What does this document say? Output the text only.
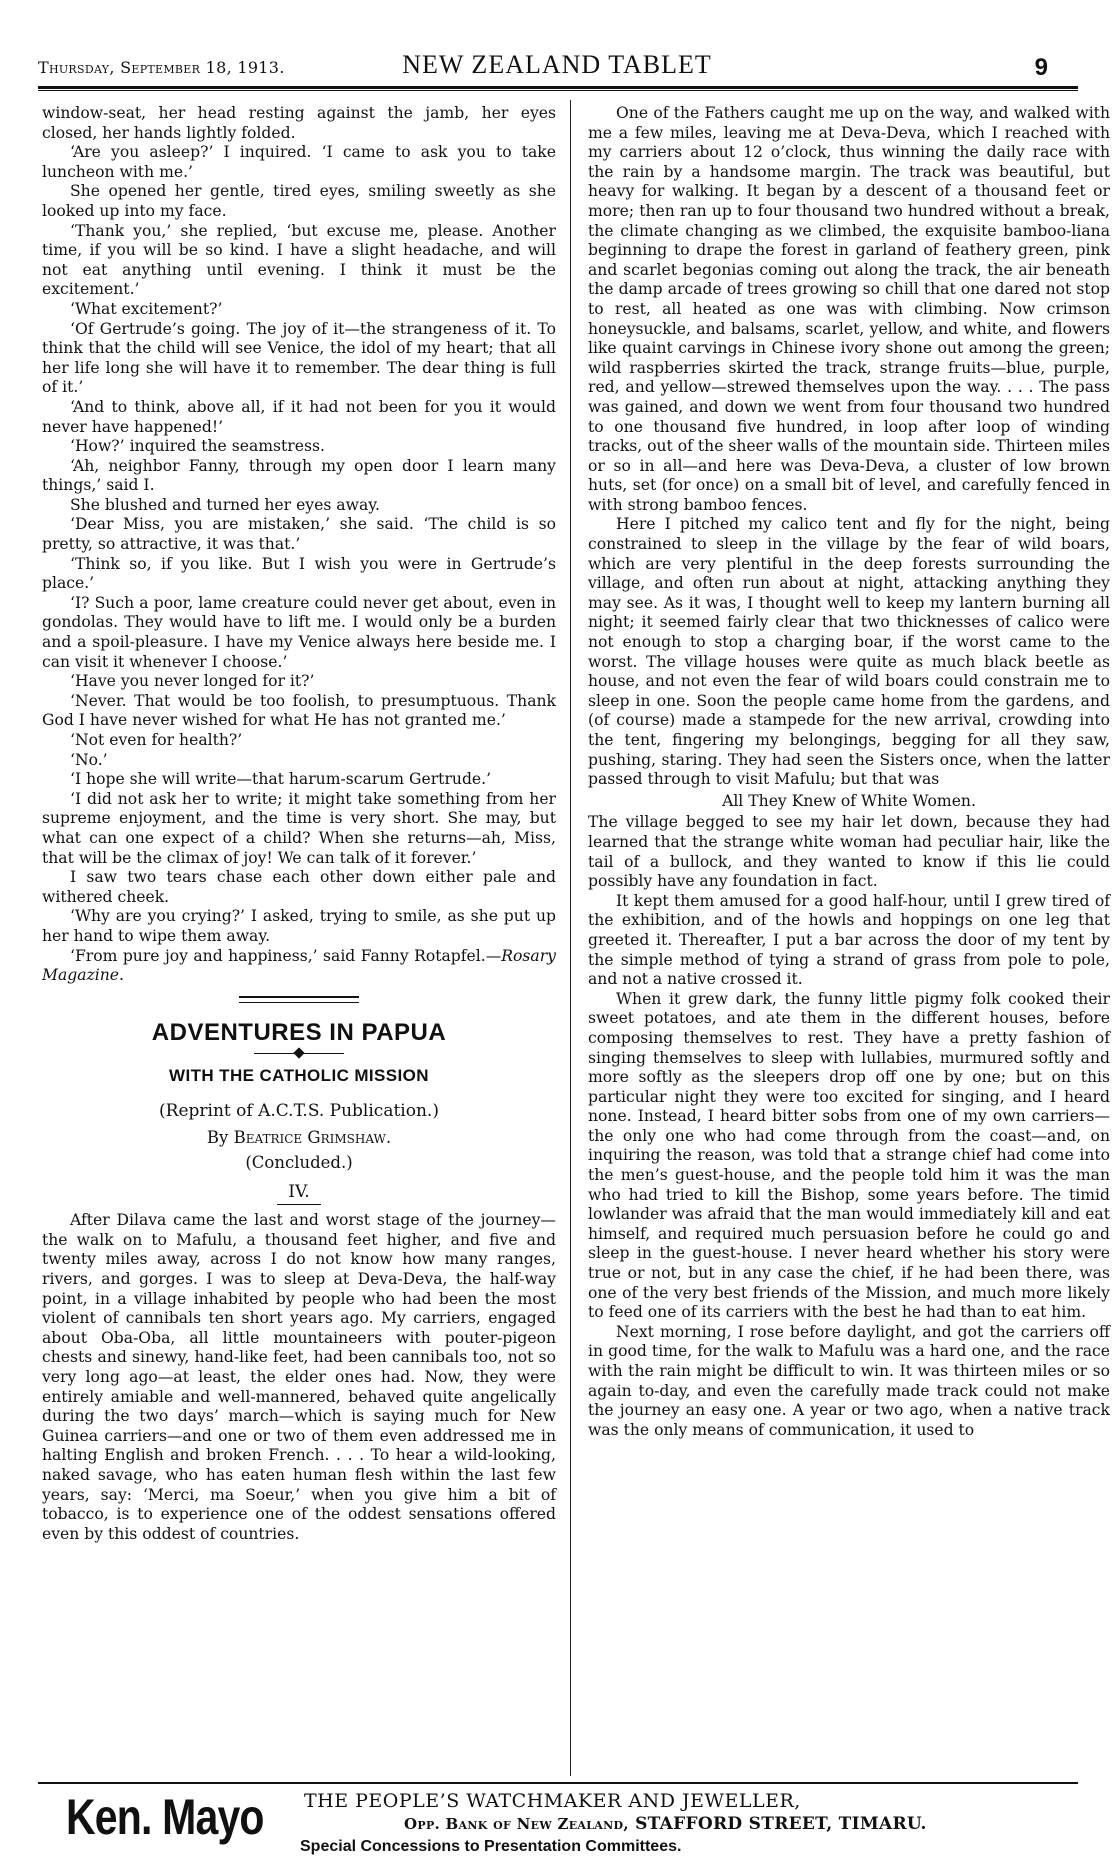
Thursday, September 18, 1913.	NEW ZEALAND TABLET	9

window-seat, her head resting against the jamb, her eyes closed, her hands lightly folded.

‘Are you asleep?’ I inquired. ‘I came to ask you to take luncheon with me.’

She opened her gentle, tired eyes, smiling sweetly as she looked up into my face.

‘Thank you,’ she replied, ‘but excuse me, please. Another time, if you will be so kind. I have a slight headache, and will not eat anything until evening. I think it must be the excitement.’

‘What excitement?’

‘Of Gertrude’s going. The joy of it—the strangeness of it. To think that the child will see Venice, the idol of my heart; that all her life long she will have it to remember. The dear thing is full of it.’

‘And to think, above all, if it had not been for you it would never have happened!’

‘How?’ inquired the seamstress.

‘Ah, neighbor Fanny, through my open door I learn many things,’ said I.

She blushed and turned her eyes away.

‘Dear Miss, you are mistaken,’ she said. ‘The child is so pretty, so attractive, it was that.’

‘Think so, if you like. But I wish you were in Gertrude’s place.’

‘I? Such a poor, lame creature could never get about, even in gondolas. They would have to lift me. I would only be a burden and a spoil-pleasure. I have my Venice always here beside me. I can visit it whenever I choose.’

‘Have you never longed for it?’

‘Never. That would be too foolish, to presumptuous. Thank God I have never wished for what He has not granted me.’

‘Not even for health?’

‘No.’

‘I hope she will write—that harum-scarum Gertrude.’

‘I did not ask her to write; it might take something from her supreme enjoyment, and the time is very short. She may, but what can one expect of a child? When she returns—ah, Miss, that will be the climax of joy! We can talk of it forever.’

I saw two tears chase each other down either pale and withered cheek.

‘Why are you crying?’ I asked, trying to smile, as she put up her hand to wipe them away.

‘From pure joy and happiness,’ said Fanny Rotapfel.—Rosary Magazine.

ADVENTURES IN PAPUA
WITH THE CATHOLIC MISSION
(Reprint of A.C.T.S. Publication.)
By Beatrice Grimshaw.
(Concluded.)
IV.

After Dilava came the last and worst stage of the journey—the walk on to Mafulu, a thousand feet higher, and five and twenty miles away, across I do not know how many ranges, rivers, and gorges. I was to sleep at Deva-Deva, the half-way point, in a village inhabited by people who had been the most violent of cannibals ten short years ago. My carriers, engaged about Oba-Oba, all little mountaineers with pouter-pigeon chests and sinewy, hand-like feet, had been cannibals too, not so very long ago—at least, the elder ones had. Now, they were entirely amiable and well-mannered, behaved quite angelically during the two days’ march—which is saying much for New Guinea carriers—and one or two of them even addressed me in halting English and broken French. . . . To hear a wild-looking, naked savage, who has eaten human flesh within the last few years, say: ‘Merci, ma Soeur,’ when you give him a bit of tobacco, is to experience one of the oddest sensations offered even by this oddest of countries.

One of the Fathers caught me up on the way, and walked with me a few miles, leaving me at Deva-Deva, which I reached with my carriers about 12 o’clock, thus winning the daily race with the rain by a handsome margin. The track was beautiful, but heavy for walking. It began by a descent of a thousand feet or more; then ran up to four thousand two hundred without a break, the climate changing as we climbed, the exquisite bamboo-liana beginning to drape the forest in garland of feathery green, pink and scarlet begonias coming out along the track, the air beneath the damp arcade of trees growing so chill that one dared not stop to rest, all heated as one was with climbing. Now crimson honeysuckle, and balsams, scarlet, yellow, and white, and flowers like quaint carvings in Chinese ivory shone out among the green; wild raspberries skirted the track, strange fruits—blue, purple, red, and yellow—strewed themselves upon the way. . . . The pass was gained, and down we went from four thousand two hundred to one thousand five hundred, in loop after loop of winding tracks, out of the sheer walls of the mountain side. Thirteen miles or so in all—and here was Deva-Deva, a cluster of low brown huts, set (for once) on a small bit of level, and carefully fenced in with strong bamboo fences.

Here I pitched my calico tent and fly for the night, being constrained to sleep in the village by the fear of wild boars, which are very plentiful in the deep forests surrounding the village, and often run about at night, attacking anything they may see. As it was, I thought well to keep my lantern burning all night; it seemed fairly clear that two thicknesses of calico were not enough to stop a charging boar, if the worst came to the worst. The village houses were quite as much black beetle as house, and not even the fear of wild boars could constrain me to sleep in one. Soon the people came home from the gardens, and (of course) made a stampede for the new arrival, crowding into the tent, fingering my belongings, begging for all they saw, pushing, staring. They had seen the Sisters once, when the latter passed through to visit Mafulu; but that was

All They Knew of White Women.

The village begged to see my hair let down, because they had learned that the strange white woman had peculiar hair, like the tail of a bullock, and they wanted to know if this lie could possibly have any foundation in fact.

It kept them amused for a good half-hour, until I grew tired of the exhibition, and of the howls and hoppings on one leg that greeted it. Thereafter, I put a bar across the door of my tent by the simple method of tying a strand of grass from pole to pole, and not a native crossed it.

When it grew dark, the funny little pigmy folk cooked their sweet potatoes, and ate them in the different houses, before composing themselves to rest. They have a pretty fashion of singing themselves to sleep with lullabies, murmured softly and more softly as the sleepers drop off one by one; but on this particular night they were too excited for singing, and I heard none. Instead, I heard bitter sobs from one of my own carriers—the only one who had come through from the coast—and, on inquiring the reason, was told that a strange chief had come into the men’s guest-house, and the people told him it was the man who had tried to kill the Bishop, some years before. The timid lowlander was afraid that the man would immediately kill and eat himself, and required much persuasion before he could go and sleep in the guest-house. I never heard whether his story were true or not, but in any case the chief, if he had been there, was one of the very best friends of the Mission, and much more likely to feed one of its carriers with the best he had than to eat him.

Next morning, I rose before daylight, and got the carriers off in good time, for the walk to Mafulu was a hard one, and the race with the rain might be difficult to win. It was thirteen miles or so again to-day, and even the carefully made track could not make the journey an easy one. A year or two ago, when a native track was the only means of communication, it used to

Ken. Mayo THE PEOPLE’S WATCHMAKER AND JEWELLER,
Opp. Bank of New Zealand, STAFFORD STREET, TIMARU.
Special Concessions to Presentation Committees.
